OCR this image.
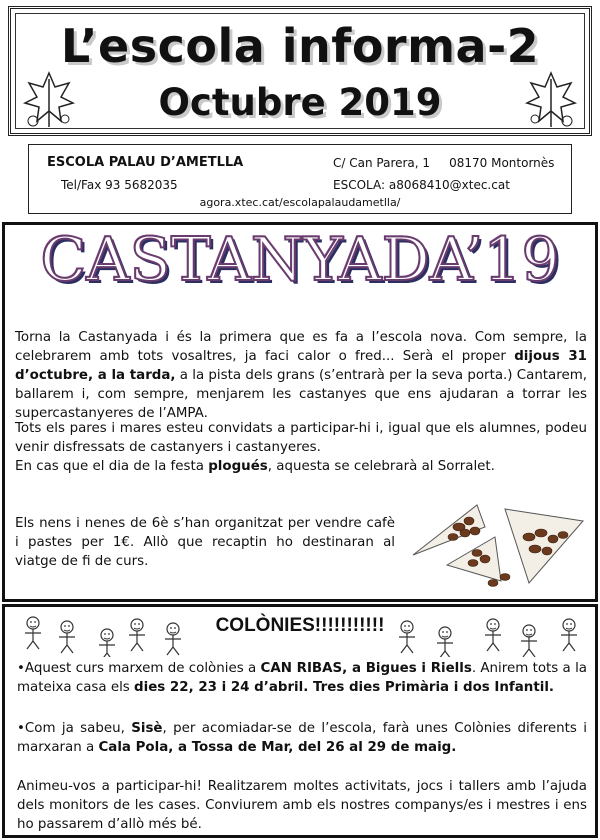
L’escola informa-2
Octubre 2019
ESCOLA PALAU D’AMETLLA	C/ Can Parera, 1     08170 Montornès
Tel/Fax 93 5682035	ESCOLA: a8068410@xtec.cat
agora.xtec.cat/escolapalaudametlla/
CASTANYADA’19
Torna la Castanyada i és la primera que es fa a l’escola nova. Com sempre, la celebrarem amb tots vosaltres, ja faci calor o fred... Serà el proper dijous 31 d’octubre, a la tarda, a la pista dels grans (s’entrarà per la seva porta.) Cantarem, ballarem i, com sempre, menjarem les castanyes que ens ajudaran a torrar les supercastanyeres de l’AMPA.
Tots els pares i mares esteu convidats a participar-hi i, igual que els alumnes, podeu venir disfressats de castanyers i castanyeres.
En cas que el dia de la festa plogués, aquesta se celebrarà al Sorralet.
Els nens i nenes de 6è s’han organitzat per vendre cafè i pastes per 1€. Allò que recaptin ho destinaran al viatge de fi de curs.
COLÒNIES!!!!!!!!!!!
•Aquest curs marxem de colònies a CAN RIBAS, a Bigues i Riells. Anirem tots a la mateixa casa els dies 22, 23 i 24 d’abril. Tres dies Primària i dos Infantil.
•Com ja sabeu, Sisè, per acomiadar-se de l’escola, farà unes Colònies diferents i marxaran a Cala Pola, a Tossa de Mar, del 26 al 29 de maig.
Animeu-vos a participar-hi! Realitzarem moltes activitats, jocs i tallers amb l’ajuda dels monitors de les cases. Conviurem amb els nostres companys/es i mestres i ens ho passarem d’allò més bé.
